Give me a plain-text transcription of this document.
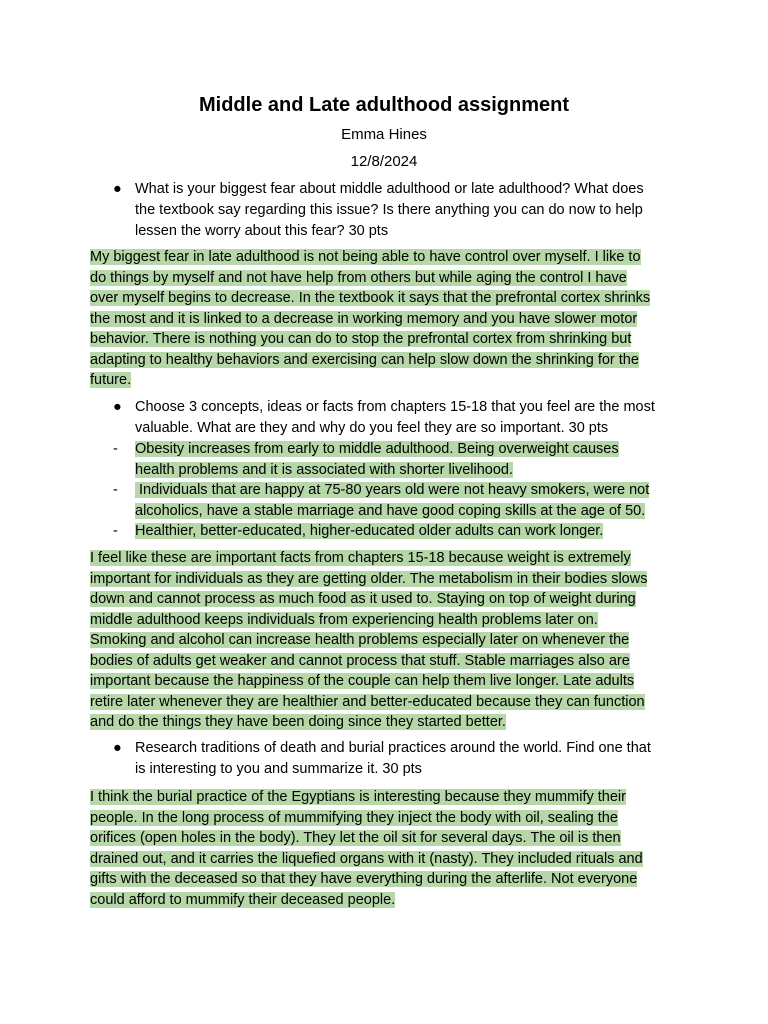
Middle and Late adulthood assignment
Emma Hines
12/8/2024
● What is your biggest fear about middle adulthood or late adulthood? What does
the textbook say regarding this issue? Is there anything you can do now to help
lessen the worry about this fear? 30 pts
My biggest fear in late adulthood is not being able to have control over myself. I like to
do things by myself and not have help from others but while aging the control I have
over myself begins to decrease. In the textbook it says that the prefrontal cortex shrinks
the most and it is linked to a decrease in working memory and you have slower motor
behavior. There is nothing you can do to stop the prefrontal cortex from shrinking but
adapting to healthy behaviors and exercising can help slow down the shrinking for the
future.
● Choose 3 concepts, ideas or facts from chapters 15-18 that you feel are the most
valuable. What are they and why do you feel they are so important. 30 pts
- Obesity increases from early to middle adulthood. Being overweight causes
health problems and it is associated with shorter livelihood.
- Individuals that are happy at 75-80 years old were not heavy smokers, were not
alcoholics, have a stable marriage and have good coping skills at the age of 50.
- Healthier, better-educated, higher-educated older adults can work longer.
I feel like these are important facts from chapters 15-18 because weight is extremely
important for individuals as they are getting older. The metabolism in their bodies slows
down and cannot process as much food as it used to. Staying on top of weight during
middle adulthood keeps individuals from experiencing health problems later on.
Smoking and alcohol can increase health problems especially later on whenever the
bodies of adults get weaker and cannot process that stuff. Stable marriages also are
important because the happiness of the couple can help them live longer. Late adults
retire later whenever they are healthier and better-educated because they can function
and do the things they have been doing since they started better.
● Research traditions of death and burial practices around the world. Find one that
is interesting to you and summarize it. 30 pts
I think the burial practice of the Egyptians is interesting because they mummify their
people. In the long process of mummifying they inject the body with oil, sealing the
orifices (open holes in the body). They let the oil sit for several days. The oil is then
drained out, and it carries the liquefied organs with it (nasty). They included rituals and
gifts with the deceased so that they have everything during the afterlife. Not everyone
could afford to mummify their deceased people.
